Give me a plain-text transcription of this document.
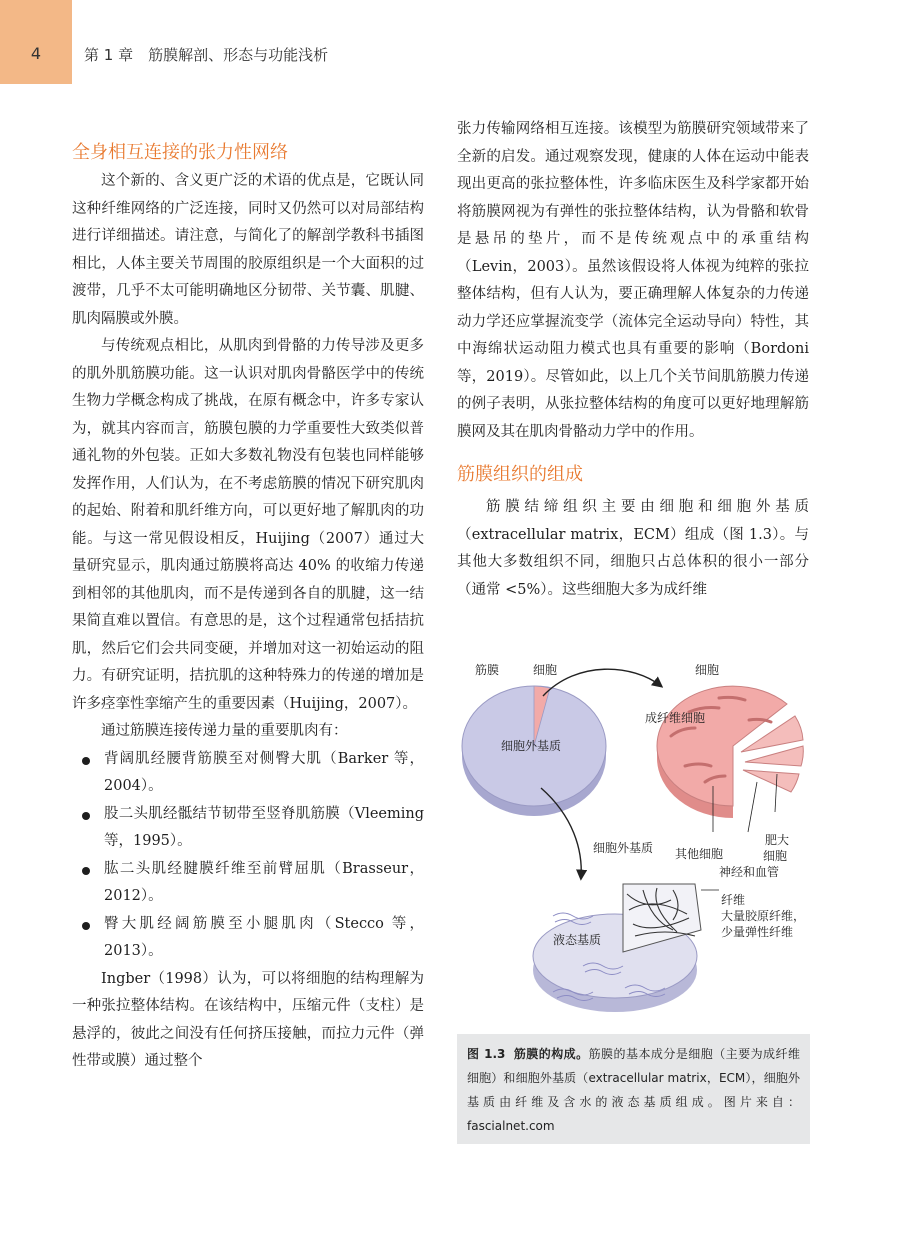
4	第 1 章　筋膜解剖、形态与功能浅析
全身相互连接的张力性网络

这个新的、含义更广泛的术语的优点是，它既认同这种纤维网络的广泛连接，同时又仍然可以对局部结构进行详细描述。请注意，与简化了的解剖学教科书插图相比，人体主要关节周围的胶原组织是一个大面积的过渡带，几乎不太可能明确地区分韧带、关节囊、肌腱、肌肉隔膜或外膜。

与传统观点相比，从肌肉到骨骼的力传导涉及更多的肌外肌筋膜功能。这一认识对肌肉骨骼医学中的传统生物力学概念构成了挑战，在原有概念中，许多专家认为，就其内容而言，筋膜包膜的力学重要性大致类似普通礼物的外包装。正如大多数礼物没有包装也同样能够发挥作用，人们认为，在不考虑筋膜的情况下研究肌肉的起始、附着和肌纤维方向，可以更好地了解肌肉的功能。与这一常见假设相反，Huijing（2007）通过大量研究显示，肌肉通过筋膜将高达 40% 的收缩力传递到相邻的其他肌肉，而不是传递到各自的肌腱，这一结果简直难以置信。有意思的是，这个过程通常包括拮抗肌，然后它们会共同变硬，并增加对这一初始运动的阻力。有研究证明，拮抗肌的这种特殊力的传递的增加是许多痉挛性挛缩产生的重要因素（Huijing，2007）。

通过筋膜连接传递力量的重要肌肉有：

背阔肌经腰背筋膜至对侧臀大肌（Barker 等，2004）。
股二头肌经骶结节韧带至竖脊肌筋膜（Vleeming 等，1995）。
肱二头肌经腱膜纤维至前臂屈肌（Brasseur，2012）。
臀大肌经阔筋膜至小腿肌肉（Stecco 等，2013）。

Ingber（1998）认为，可以将细胞的结构理解为一种张拉整体结构。在该结构中，压缩元件（支柱）是悬浮的，彼此之间没有任何挤压接触，而拉力元件（弹性带或膜）通过整个

张力传输网络相互连接。该模型为筋膜研究领域带来了全新的启发。通过观察发现，健康的人体在运动中能表现出更高的张拉整体性，许多临床医生及科学家都开始将筋膜网视为有弹性的张拉整体结构，认为骨骼和软骨是悬吊的垫片，而不是传统观点中的承重结构（Levin，2003）。虽然该假设将人体视为纯粹的张拉整体结构，但有人认为，要正确理解人体复杂的力传递动力学还应掌握流变学（流体完全运动导向）特性，其中海绵状运动阻力模式也具有重要的影响（Bordoni 等，2019）。尽管如此，以上几个关节间肌筋膜力传递的例子表明，从张拉整体结构的角度可以更好地理解筋膜网及其在肌肉骨骼动力学中的作用。

筋膜组织的组成

筋膜结缔组织主要由细胞和细胞外基质（extracellular matrix，ECM）组成（图 1.3）。与其他大多数组织不同，细胞只占总体积的很小一部分（通常 <5%）。这些细胞大多为成纤维

筋膜	细胞	细胞
细胞外基质
成纤维细胞
细胞外基质 其他细胞
肥大
细胞
神经和血管
纤维
大量胶原纤维，
少量弹性纤维
液态基质
图 1.3 筋膜的构成。筋膜的基本成分是细胞（主要为成纤维细胞）和细胞外基质（extracellular matrix，ECM），细胞外基质由纤维及含水的液态基质组成。图片来自：fascialnet.com
